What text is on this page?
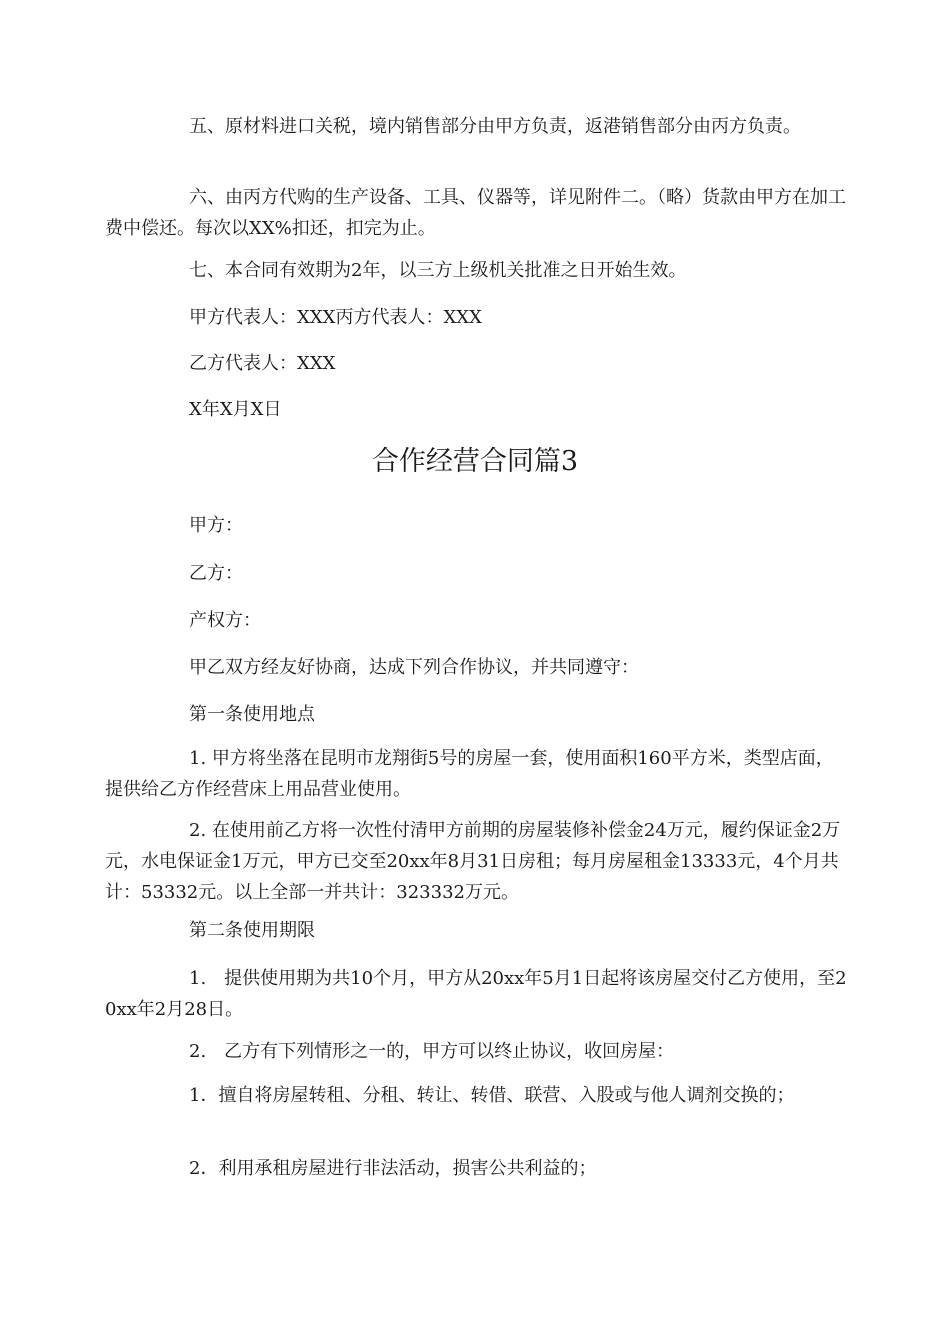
五、原材料进口关税，境内销售部分由甲方负责，返港销售部分由丙方负责。

六、由丙方代购的生产设备、工具、仪器等，详见附件二。（略）货款由甲方在加工费中偿还。每次以XX%扣还，扣完为止。

七、本合同有效期为2年，以三方上级机关批准之日开始生效。

甲方代表人：XXX丙方代表人：XXX

乙方代表人：XXX

X年X月X日

合作经营合同篇3

甲方：

乙方：

产权方：

甲乙双方经友好协商，达成下列合作协议，并共同遵守：

第一条使用地点

1. 甲方将坐落在昆明市龙翔街5号的房屋一套，使用面积160平方米，类型店面，提供给乙方作经营床上用品营业使用。

2. 在使用前乙方将一次性付清甲方前期的房屋装修补偿金24万元，履约保证金2万元，水电保证金1万元，甲方已交至20xx年8月31日房租；每月房屋租金13333元，4个月共计：53332元。以上全部一并共计：323332万元。

第二条使用期限

1.　提供使用期为共10个月，甲方从20xx年5月1日起将该房屋交付乙方使用，至20xx年2月28日。

2.　乙方有下列情形之一的，甲方可以终止协议，收回房屋：

1．擅自将房屋转租、分租、转让、转借、联营、入股或与他人调剂交换的；

2．利用承租房屋进行非法活动，损害公共利益的；
